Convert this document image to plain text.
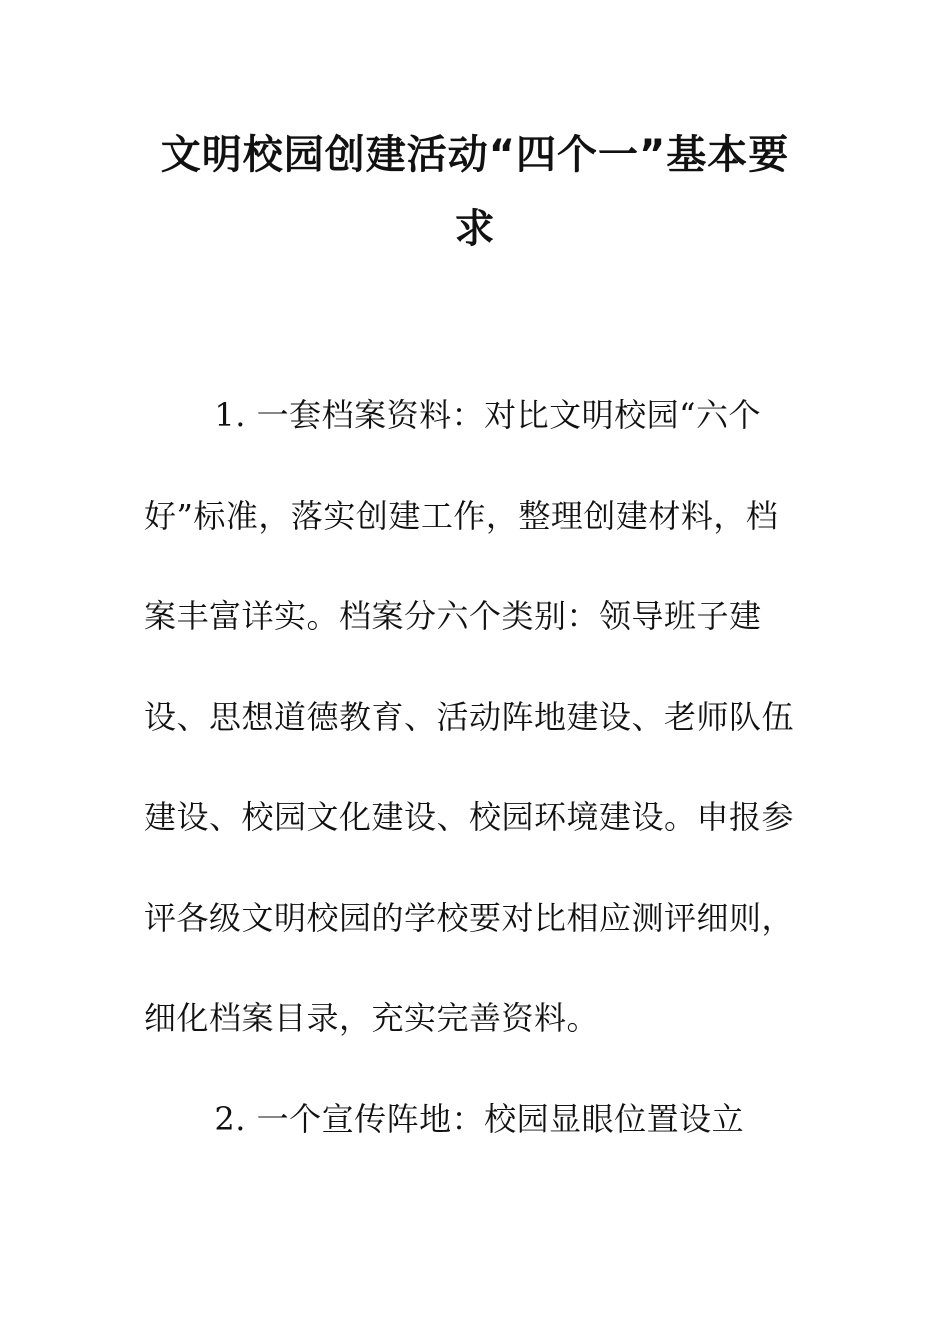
文明校园创建活动“四个一”基本要求

1. 一套档案资料：对比文明校园“六个好”标准，落实创建工作，整理创建材料，档案丰富详实。档案分六个类别：领导班子建设、思想道德教育、活动阵地建设、老师队伍建设、校园文化建设、校园环境建设。申报参评各级文明校园的学校要对比相应测评细则，细化档案目录，充实完善资料。

2. 一个宣传阵地：校园显眼位置设立
